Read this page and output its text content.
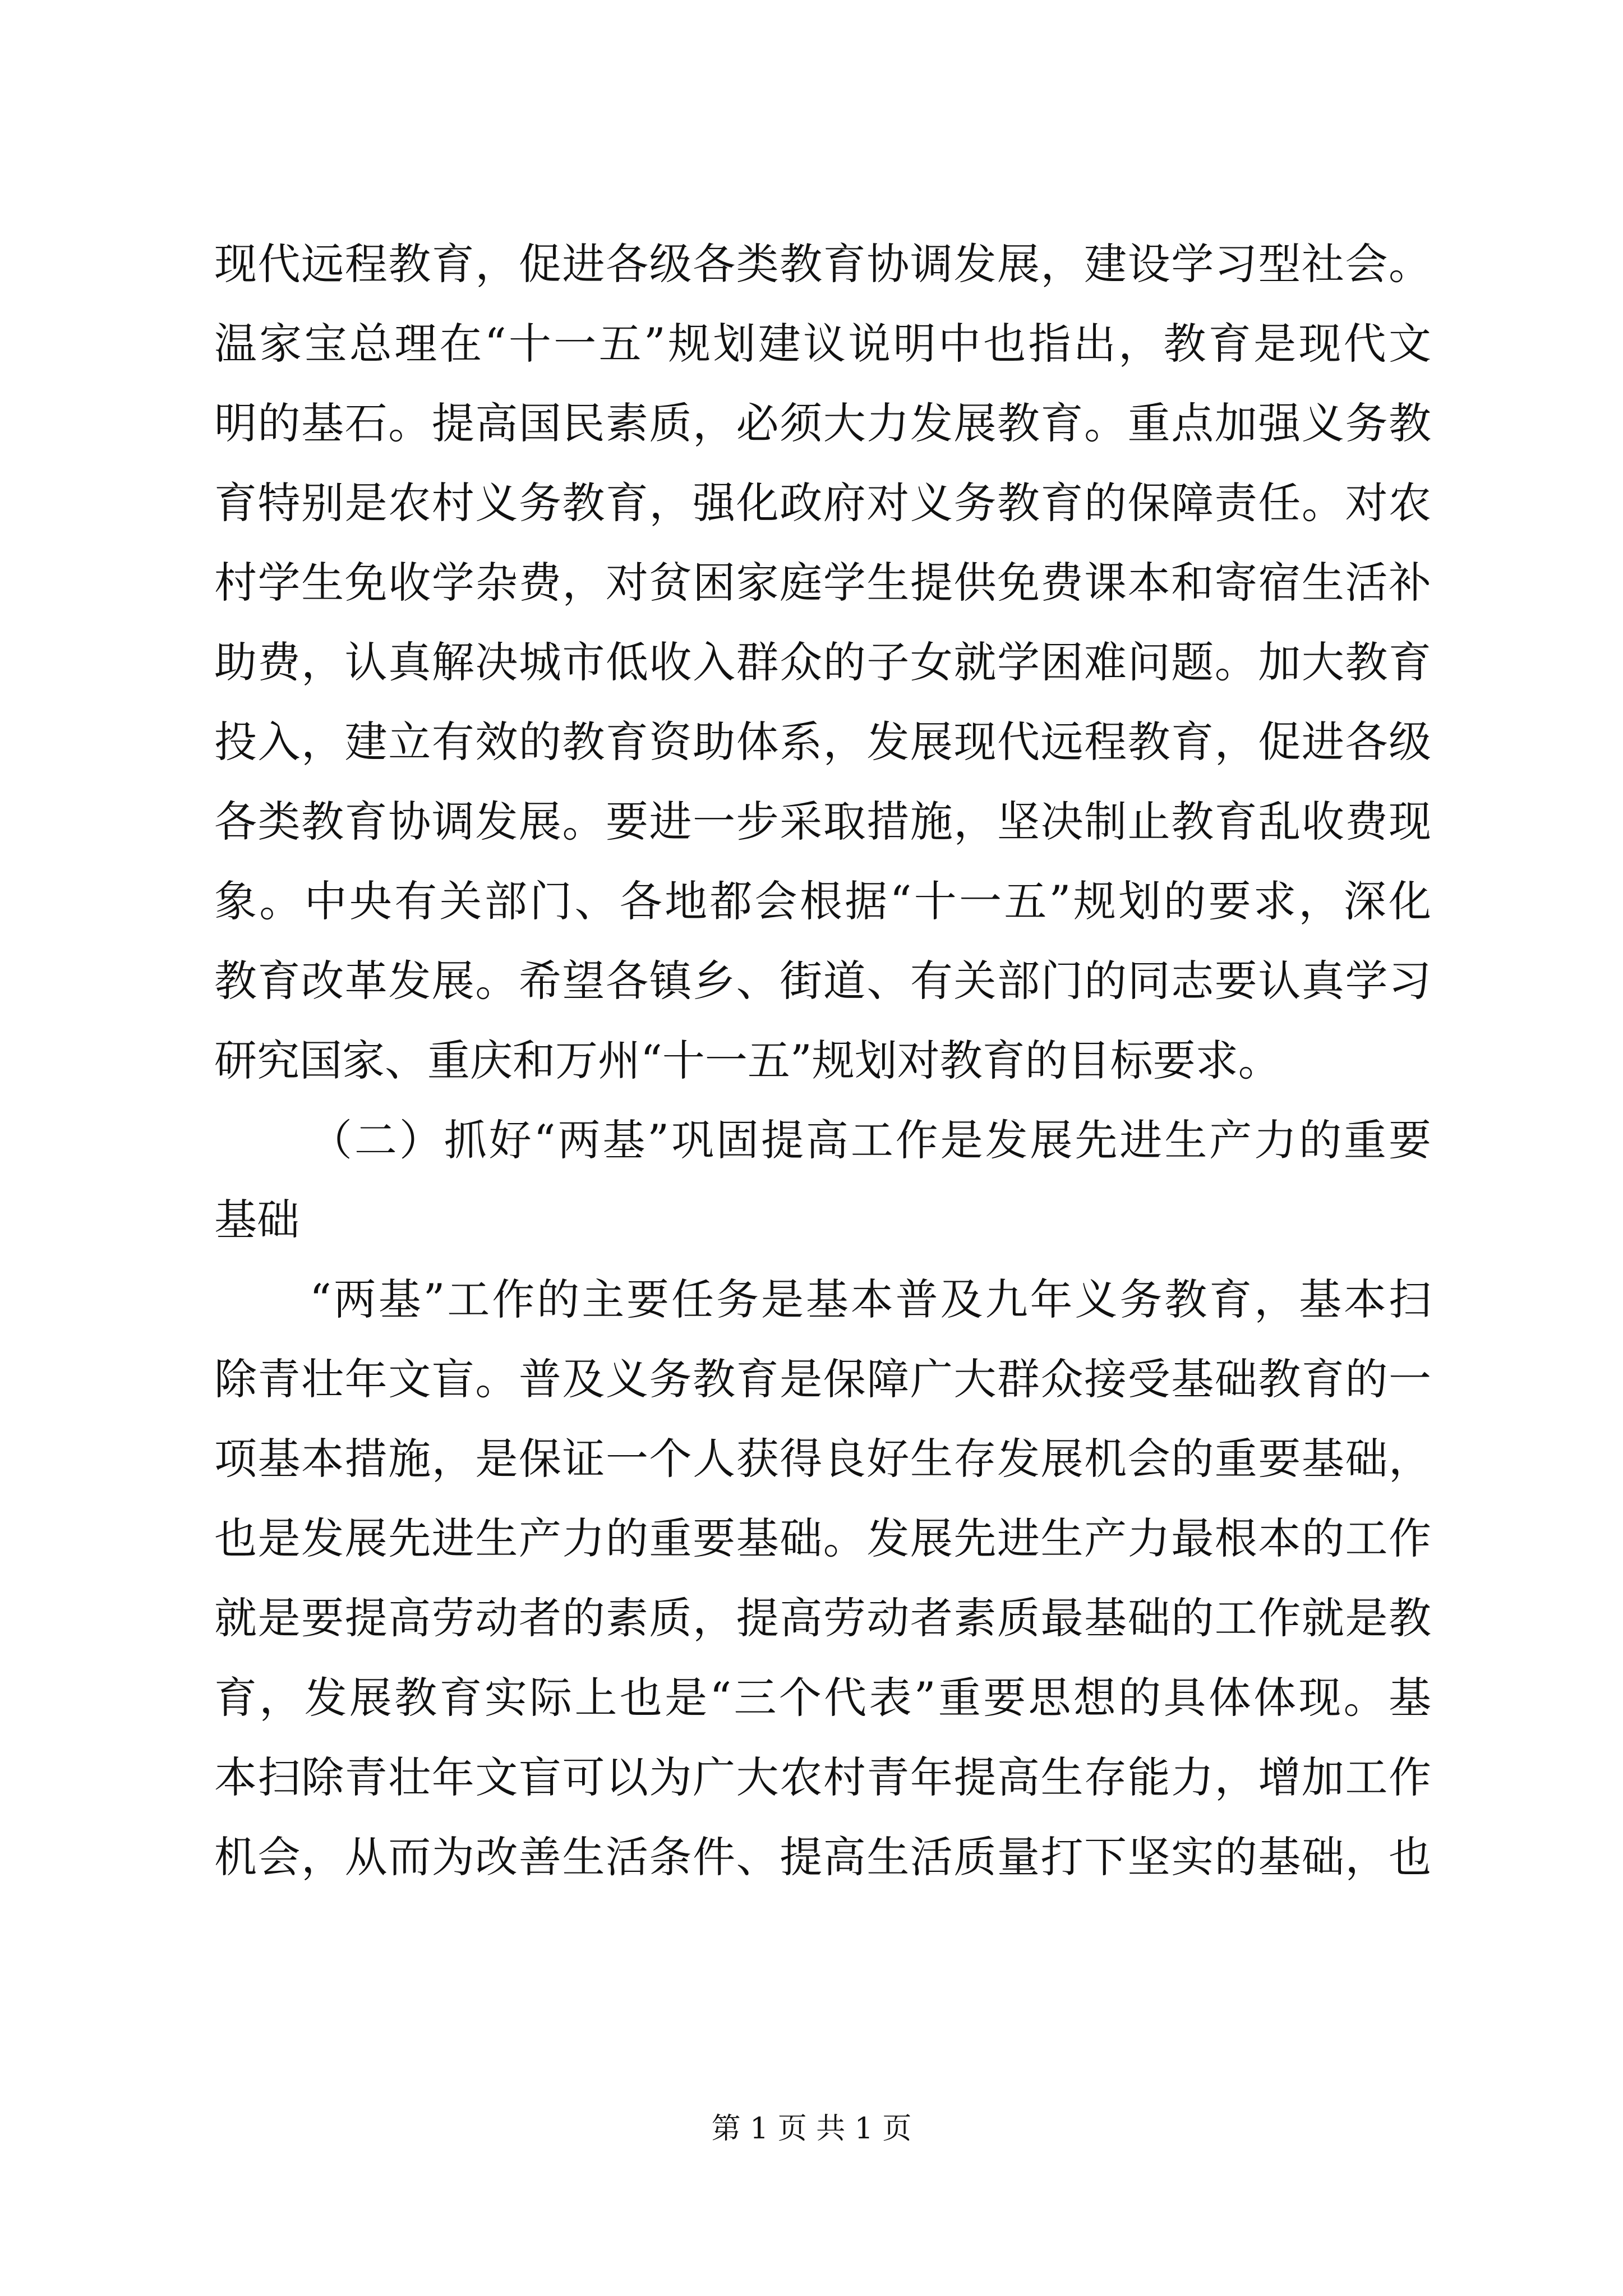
现代远程教育，促进各级各类教育协调发展，建设学习型社会。
温家宝总理在“十一五”规划建议说明中也指出，教育是现代文
明的基石。提高国民素质，必须大力发展教育。重点加强义务教
育特别是农村义务教育，强化政府对义务教育的保障责任。对农
村学生免收学杂费，对贫困家庭学生提供免费课本和寄宿生活补
助费，认真解决城市低收入群众的子女就学困难问题。加大教育
投入，建立有效的教育资助体系，发展现代远程教育，促进各级
各类教育协调发展。要进一步采取措施，坚决制止教育乱收费现
象。中央有关部门、各地都会根据“十一五”规划的要求，深化
教育改革发展。希望各镇乡、街道、有关部门的同志要认真学习
研究国家、重庆和万州“十一五”规划对教育的目标要求。
（二）抓好“两基”巩固提高工作是发展先进生产力的重要
基础
“两基”工作的主要任务是基本普及九年义务教育，基本扫
除青壮年文盲。普及义务教育是保障广大群众接受基础教育的一
项基本措施，是保证一个人获得良好生存发展机会的重要基础，
也是发展先进生产力的重要基础。发展先进生产力最根本的工作
就是要提高劳动者的素质，提高劳动者素质最基础的工作就是教
育，发展教育实际上也是“三个代表”重要思想的具体体现。基
本扫除青壮年文盲可以为广大农村青年提高生存能力，增加工作
机会，从而为改善生活条件、提高生活质量打下坚实的基础，也
第 1 页 共 1 页
